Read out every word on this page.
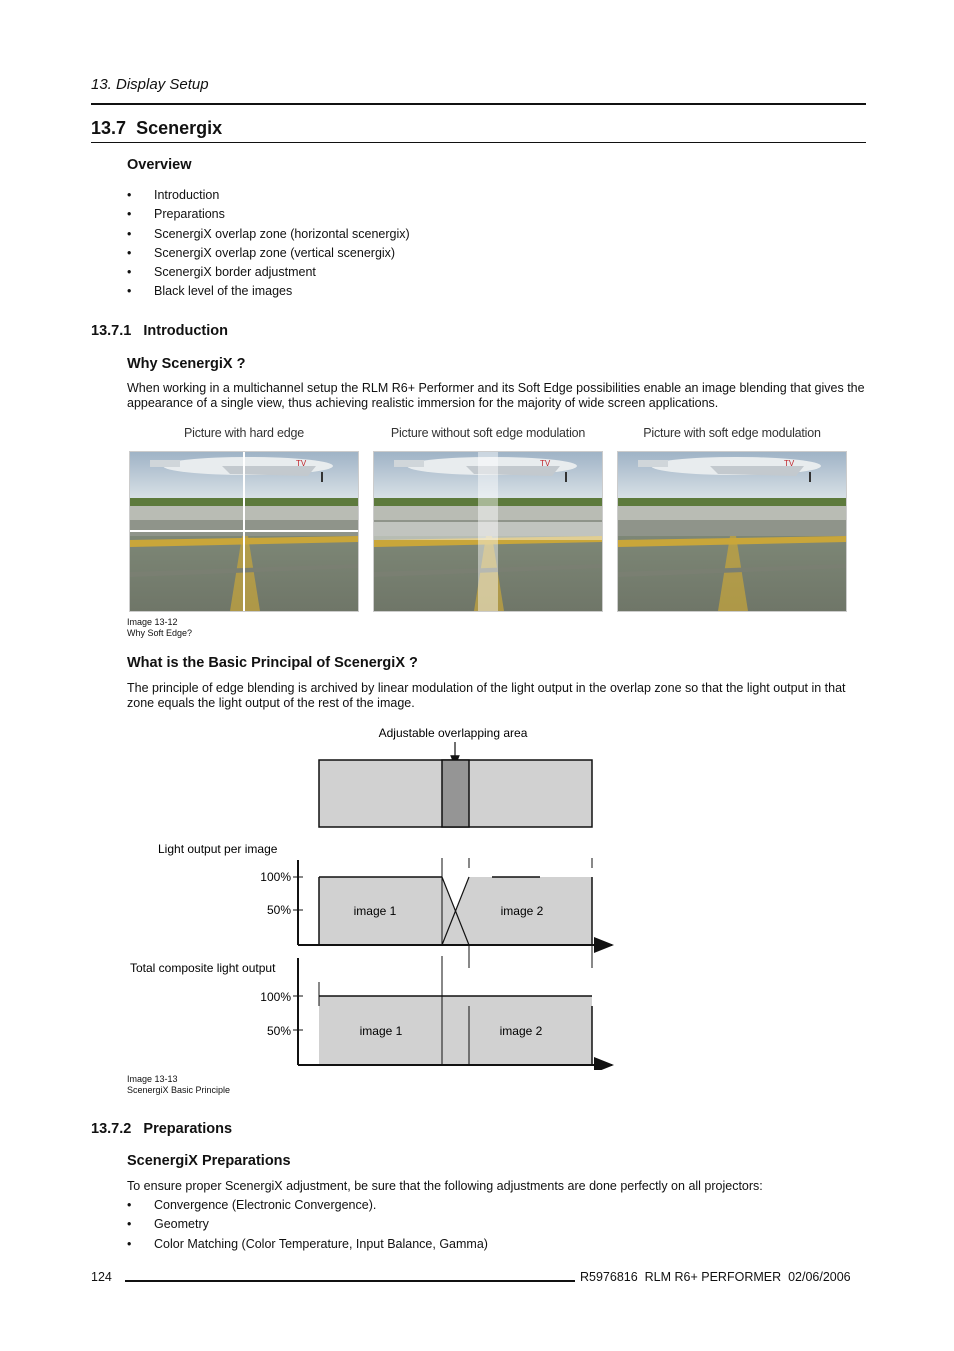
13. Display Setup
13.7 Scenergix
Overview
• Introduction
• Preparations
• ScenergiX overlap zone (horizontal scenergix)
• ScenergiX overlap zone (vertical scenergix)
• ScenergiX border adjustment
• Black level of the images
13.7.1   Introduction
Why ScenergiX ?
When working in a multichannel setup the RLM R6+ Performer and its Soft Edge possibilities enable an image blending that gives the appearance of a single view, thus achieving realistic immersion for the majority of wide screen applications.
Picture with hard edge	Picture without soft edge modulation	Picture with soft edge modulation
Image 13-12
Why Soft Edge?
What is the Basic Principal of ScenergiX ?
The principle of edge blending is archived by linear modulation of the light output in the overlap zone so that the light output in that zone equals the light output of the rest of the image.
Adjustable overlapping area
Light output per image
100%
50%	image 1	image 2
Total composite light output
100%
50%	image 1	image 2
Image 13-13
ScenergiX Basic Principle
13.7.2   Preparations
ScenergiX Preparations
To ensure proper ScenergiX adjustment, be sure that the following adjustments are done perfectly on all projectors:
• Convergence (Electronic Convergence).
• Geometry
• Color Matching (Color Temperature, Input Balance, Gamma)
124	R5976816  RLM R6+ PERFORMER  02/06/2006
